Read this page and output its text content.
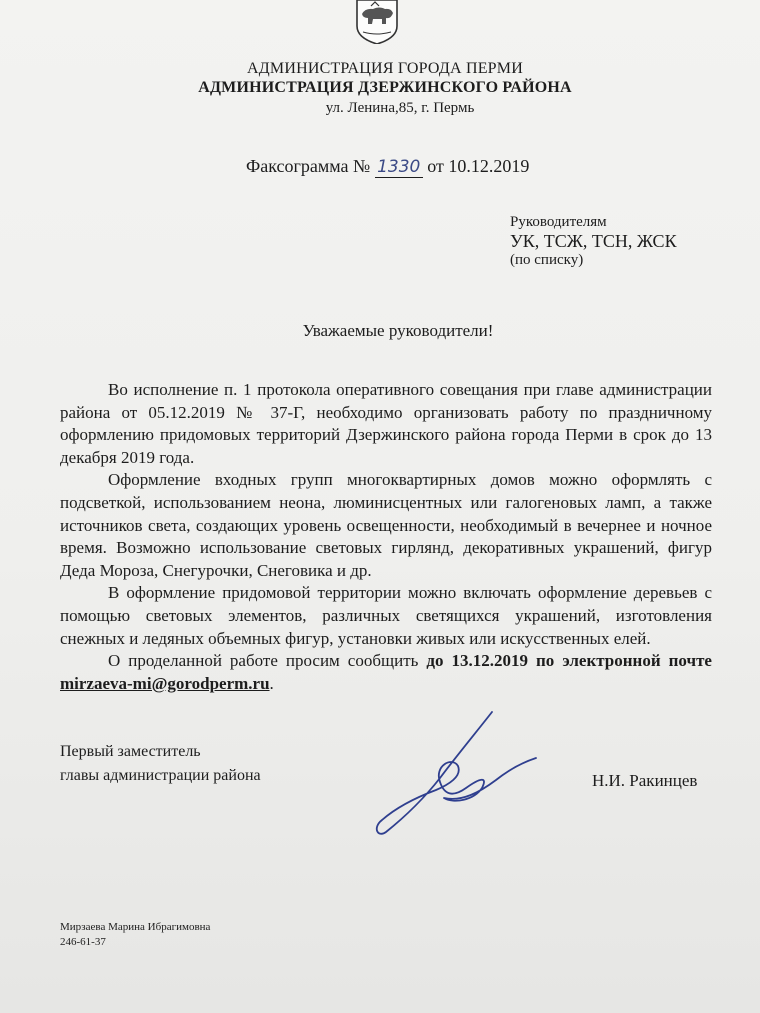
АДМИНИСТРАЦИЯ ГОРОДА ПЕРМИ
АДМИНИСТРАЦИЯ ДЗЕРЖИНСКОГО РАЙОНА
ул. Ленина,85, г. Пермь
Факсограмма № 1330 от 10.12.2019
Руководителям
УК, ТСЖ, ТСН, ЖСК
(по списку)
Уважаемые руководители!

Во исполнение п. 1 протокола оперативного совещания при главе администрации района от 05.12.2019 № 37-Г, необходимо организовать работу по праздничному оформлению придомовых территорий Дзержинского района города Перми в срок до 13 декабря 2019 года.

Оформление входных групп многоквартирных домов можно оформлять с подсветкой, использованием неона, люминисцентных или галогеновых ламп, а также источников света, создающих уровень освещенности, необходимый в вечернее и ночное время. Возможно использование световых гирлянд, декоративных украшений, фигур Деда Мороза, Снегурочки, Снеговика и др.

В оформление придомовой территории можно включать оформление деревьев с помощью световых элементов, различных светящихся украшений, изготовления снежных и ледяных объемных фигур, установки живых или искусственных елей.

О проделанной работе просим сообщить до 13.12.2019 по электронной почте mirzaeva-mi@gorodperm.ru.

Первый заместитель
главы администрации района	Н.И. Ракинцев
Мирзаева Марина Ибрагимовна
246-61-37
